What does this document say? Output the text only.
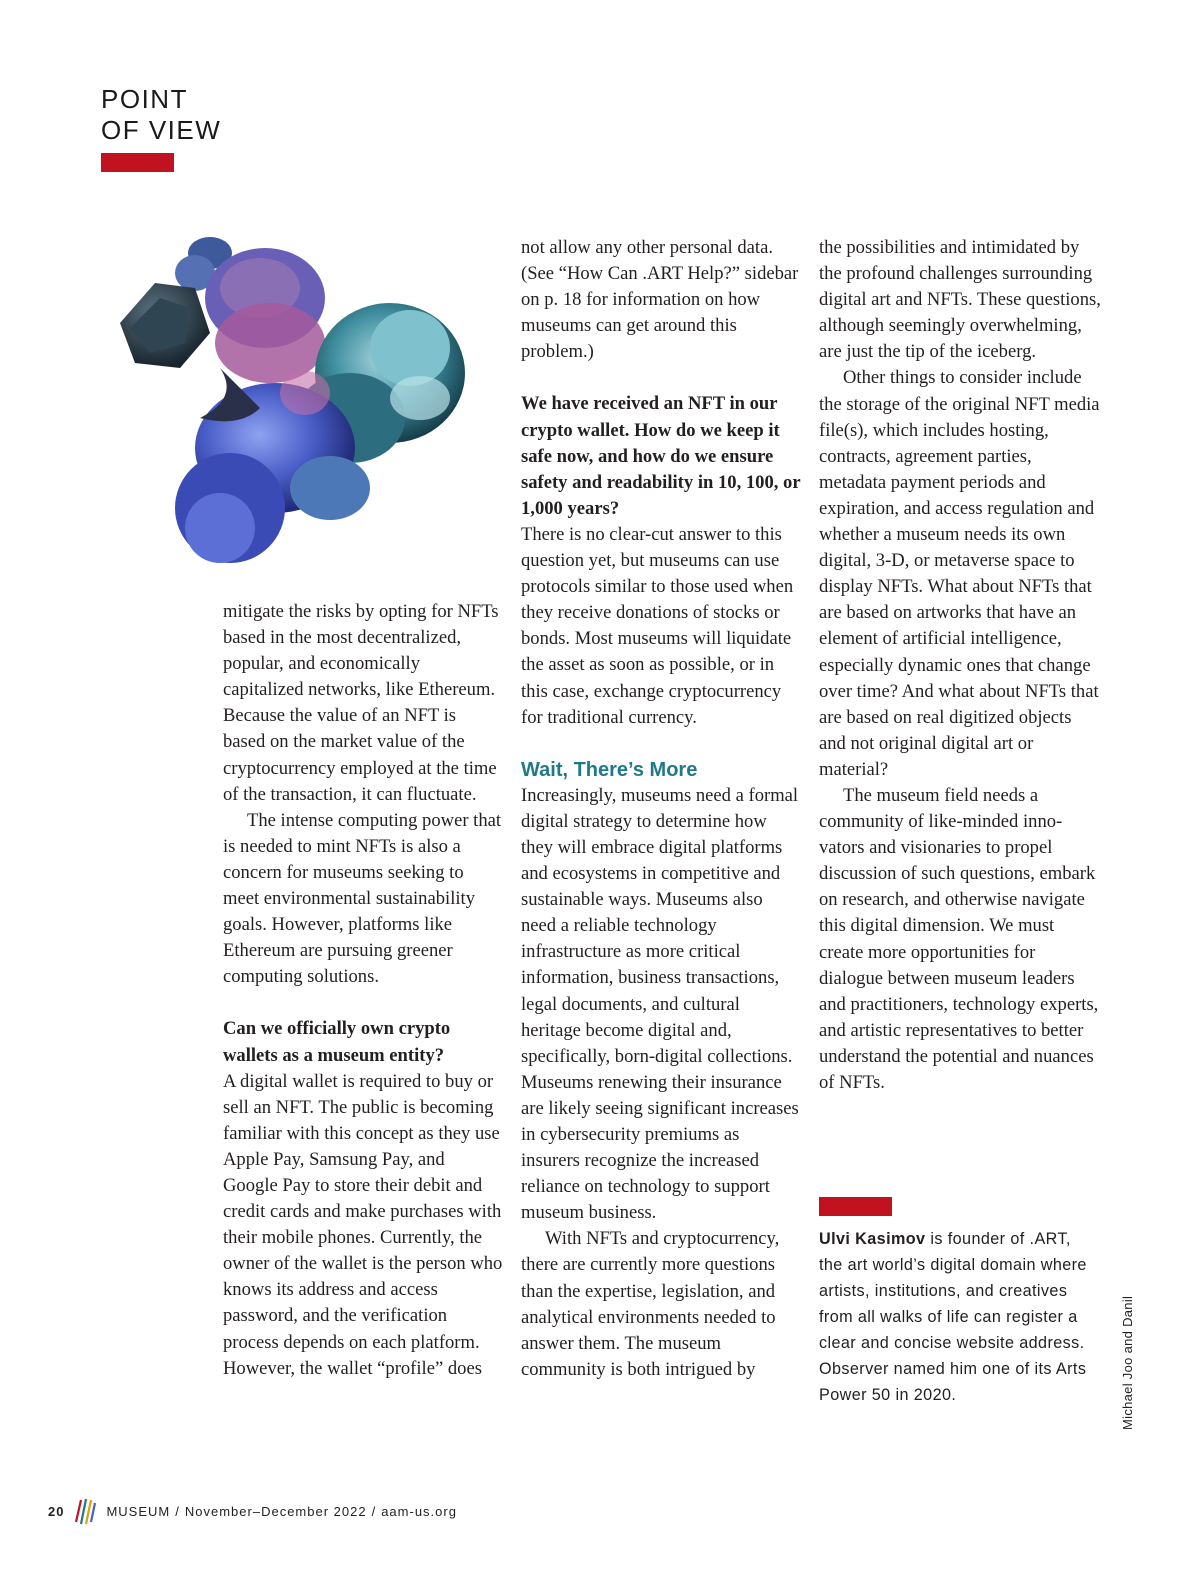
POINT
OF VIEW

mitigate the risks by opting for NFTs based in the most decentralized, popular, and economically capitalized networks, like Ethereum. Because the value of an NFT is based on the market value of the cryptocurrency employed at the time of the transaction, it can fluctuate.

The intense computing power that is needed to mint NFTs is also a concern for museums seeking to meet environmental sustainability goals. However, platforms like Ethereum are pursuing greener computing solutions.

Can we officially own crypto wallets as a museum entity?

A digital wallet is required to buy or sell an NFT. The public is becoming familiar with this concept as they use Apple Pay, Samsung Pay, and Google Pay to store their debit and credit cards and make purchases with their mobile phones. Currently, the owner of the wallet is the person who knows its address and access password, and the verification process depends on each platform. However, the wallet “profile” does

not allow any other personal data. (See “How Can .ART Help?” sidebar on p. 18 for information on how museums can get around this problem.)

We have received an NFT in our crypto wallet. How do we keep it safe now, and how do we ensure safety and readability in 10, 100, or 1,000 years?

There is no clear-cut answer to this question yet, but museums can use protocols similar to those used when they receive donations of stocks or bonds. Most museums will liquidate the asset as soon as possible, or in this case, exchange cryptocurrency for traditional currency.

Wait, There’s More

Increasingly, museums need a formal digital strategy to determine how they will embrace digital platforms and ecosystems in competitive and sustainable ways. Museums also need a reliable technology infrastructure as more critical information, business transactions, legal documents, and cultural heritage become digital and, specifically, born-digital collections. Museums renewing their insurance are likely seeing significant increases in cybersecurity premiums as insurers recognize the increased reliance on technology to support museum business.

With NFTs and cryptocurrency, there are currently more questions than the expertise, legislation, and analytical environments needed to answer them. The museum community is both intrigued by

the possibilities and intimidated by the profound challenges surrounding digital art and NFTs. These questions, although seemingly overwhelming, are just the tip of the iceberg.

Other things to consider include the storage of the original NFT media file(s), which includes hosting, contracts, agreement parties, metadata payment periods and expiration, and access regulation and whether a museum needs its own digital, 3-D, or metaverse space to display NFTs. What about NFTs that are based on artworks that have an element of artificial intelligence, especially dynamic ones that change over time? And what about NFTs that are based on real digitized objects and not original digital art or material?

The museum field needs a community of like-minded innovators and visionaries to propel discussion of such questions, embark on research, and otherwise navigate this digital dimension. We must create more opportunities for dialogue between museum leaders and practitioners, technology experts, and artistic representatives to better understand the potential and nuances of NFTs.

Ulvi Kasimov is founder of .ART, the art world’s digital domain where artists, institutions, and creatives from all walks of life can register a clear and concise website address. Observer named him one of its Arts Power 50 in 2020.	Michael Joo and Danil
20	MUSEUM / November–December 2022 / aam-us.org
